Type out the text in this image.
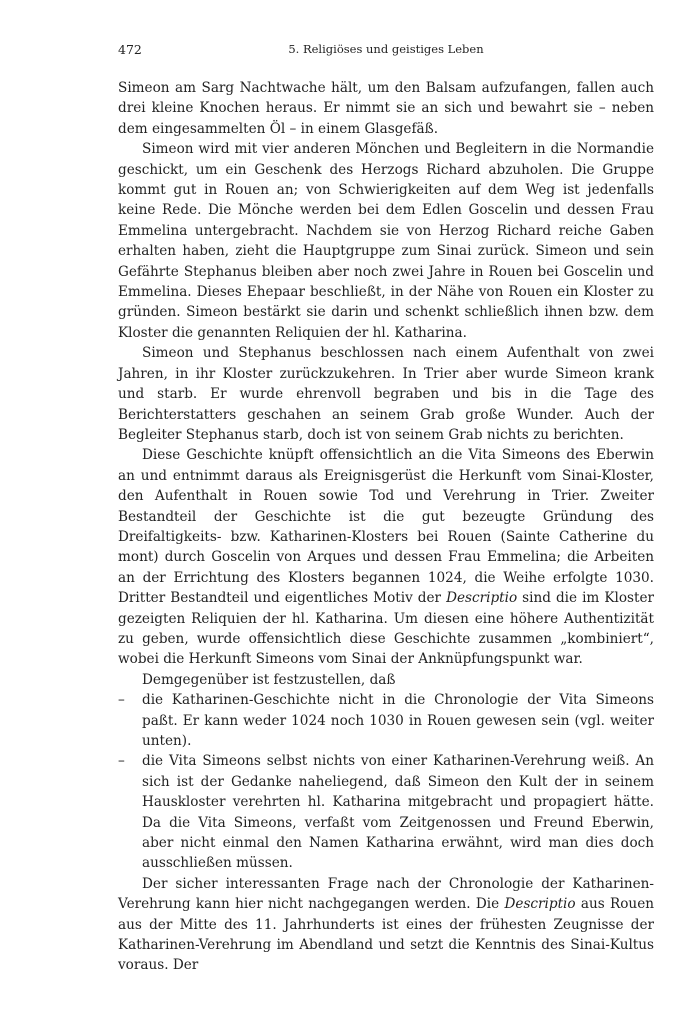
472	5. Religiöses und geistiges Leben

Simeon am Sarg Nachtwache hält, um den Balsam aufzufangen, fallen auch drei kleine Knochen heraus. Er nimmt sie an sich und bewahrt sie – neben dem eingesammelten Öl – in einem Glasgefäß.

Simeon wird mit vier anderen Mönchen und Begleitern in die Normandie geschickt, um ein Geschenk des Herzogs Richard abzuholen. Die Gruppe kommt gut in Rouen an; von Schwierigkeiten auf dem Weg ist jedenfalls keine Rede. Die Mönche werden bei dem Edlen Goscelin und dessen Frau Emmelina untergebracht. Nachdem sie von Herzog Richard reiche Gaben erhalten haben, zieht die Hauptgruppe zum Sinai zurück. Simeon und sein Gefährte Stephanus bleiben aber noch zwei Jahre in Rouen bei Goscelin und Emmelina. Dieses Ehepaar beschließt, in der Nähe von Rouen ein Kloster zu gründen. Simeon bestärkt sie darin und schenkt schließlich ihnen bzw. dem Kloster die genannten Reliquien der hl. Katharina.

Simeon und Stephanus beschlossen nach einem Aufenthalt von zwei Jahren, in ihr Kloster zurückzukehren. In Trier aber wurde Simeon krank und starb. Er wurde ehrenvoll begraben und bis in die Tage des Berichterstatters geschahen an seinem Grab große Wunder. Auch der Begleiter Stephanus starb, doch ist von seinem Grab nichts zu berichten.

Diese Geschichte knüpft offensichtlich an die Vita Simeons des Eberwin an und entnimmt daraus als Ereignisgerüst die Herkunft vom Sinai-Kloster, den Aufenthalt in Rouen sowie Tod und Verehrung in Trier. Zweiter Bestandteil der Geschichte ist die gut bezeugte Gründung des Dreifaltigkeits- bzw. Katharinen-Klosters bei Rouen (Sainte Catherine du mont) durch Goscelin von Arques und dessen Frau Emmelina; die Arbeiten an der Errichtung des Klosters begannen 1024, die Weihe erfolgte 1030. Dritter Bestandteil und eigentliches Motiv der Descriptio sind die im Kloster gezeigten Reliquien der hl. Katharina. Um diesen eine höhere Authentizität zu geben, wurde offensichtlich diese Geschichte zusammen „kombiniert“, wobei die Herkunft Simeons vom Sinai der Anknüpfungspunkt war.

Demgegenüber ist festzustellen, daß

– die Katharinen-Geschichte nicht in die Chronologie der Vita Simeons paßt. Er kann weder 1024 noch 1030 in Rouen gewesen sein (vgl. weiter unten).
– die Vita Simeons selbst nichts von einer Katharinen-Verehrung weiß. An sich ist der Gedanke naheliegend, daß Simeon den Kult der in seinem Hauskloster verehrten hl. Katharina mitgebracht und propagiert hätte. Da die Vita Simeons, verfaßt vom Zeitgenossen und Freund Eberwin, aber nicht einmal den Namen Katharina erwähnt, wird man dies doch ausschließen müssen.

Der sicher interessanten Frage nach der Chronologie der Katharinen-Verehrung kann hier nicht nachgegangen werden. Die Descriptio aus Rouen aus der Mitte des 11. Jahrhunderts ist eines der frühesten Zeugnisse der Katharinen-Verehrung im Abendland und setzt die Kenntnis des Sinai-Kultus voraus. Der
